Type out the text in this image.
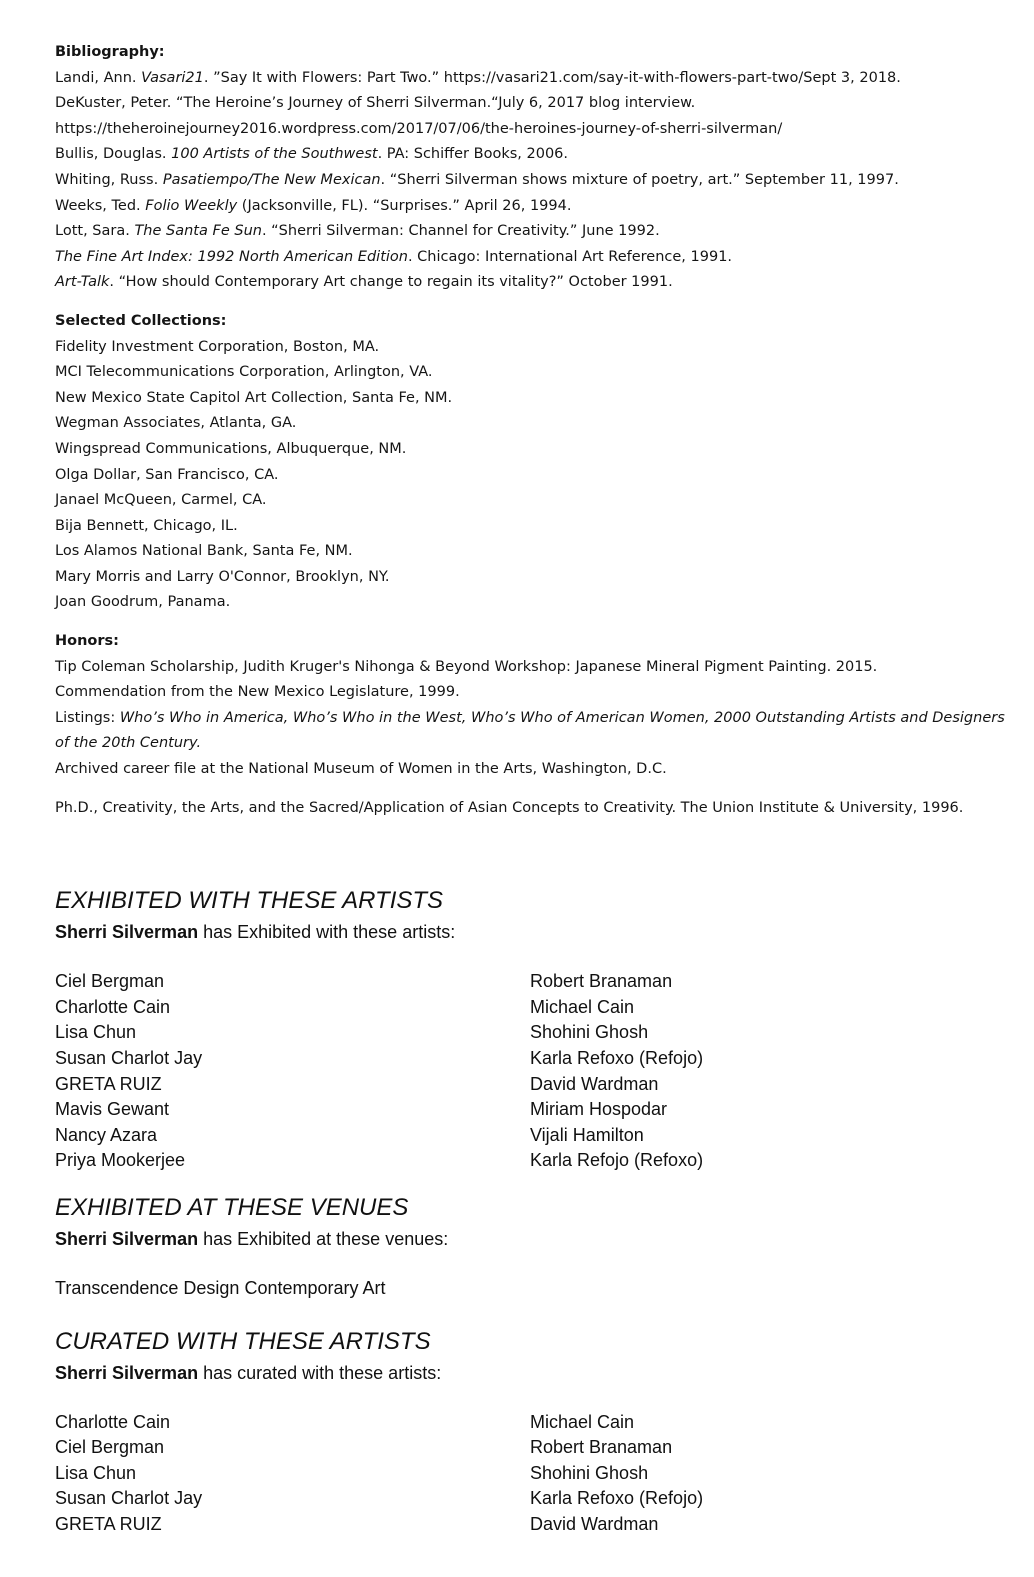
Bibliography:
Landi, Ann. Vasari21. ”Say It with Flowers: Part Two.” https://vasari21.com/say-it-with-flowers-part-two/Sept 3, 2018.
DeKuster, Peter. “The Heroine’s Journey of Sherri Silverman.“July 6, 2017 blog interview.
https://theheroinejourney2016.wordpress.com/2017/07/06/the-heroines-journey-of-sherri-silverman/
Bullis, Douglas. 100 Artists of the Southwest. PA: Schiffer Books, 2006.
Whiting, Russ. Pasatiempo/The New Mexican. “Sherri Silverman shows mixture of poetry, art.” September 11, 1997.
Weeks, Ted. Folio Weekly (Jacksonville, FL). “Surprises.” April 26, 1994.
Lott, Sara. The Santa Fe Sun. “Sherri Silverman: Channel for Creativity.” June 1992.
The Fine Art Index: 1992 North American Edition. Chicago: International Art Reference, 1991.
Art-Talk. “How should Contemporary Art change to regain its vitality?” October 1991.
Selected Collections:
Fidelity Investment Corporation, Boston, MA.
MCI Telecommunications Corporation, Arlington, VA.
New Mexico State Capitol Art Collection, Santa Fe, NM.
Wegman Associates, Atlanta, GA.
Wingspread Communications, Albuquerque, NM.
Olga Dollar, San Francisco, CA.
Janael McQueen, Carmel, CA.
Bija Bennett, Chicago, IL.
Los Alamos National Bank, Santa Fe, NM.
Mary Morris and Larry O'Connor, Brooklyn, NY.
Joan Goodrum, Panama.
Honors:
Tip Coleman Scholarship, Judith Kruger's Nihonga & Beyond Workshop: Japanese Mineral Pigment Painting. 2015.
Commendation from the New Mexico Legislature, 1999.
Listings: Who’s Who in America, Who’s Who in the West, Who’s Who of American Women, 2000 Outstanding Artists and Designers of the 20th Century.
Archived career file at the National Museum of Women in the Arts, Washington, D.C.
Ph.D., Creativity, the Arts, and the Sacred/Application of Asian Concepts to Creativity. The Union Institute & University, 1996.
EXHIBITED WITH THESE ARTISTS
Sherri Silverman has Exhibited with these artists:
Ciel Bergman
Charlotte Cain
Lisa Chun
Susan Charlot Jay
GRETA RUIZ
Mavis Gewant
Nancy Azara
Priya Mookerjee
Robert Branaman
Michael Cain
Shohini Ghosh
Karla Refoxo (Refojo)
David Wardman
Miriam Hospodar
Vijali Hamilton
Karla Refojo (Refoxo)
EXHIBITED AT THESE VENUES
Sherri Silverman has Exhibited at these venues:
Transcendence Design Contemporary Art
CURATED WITH THESE ARTISTS
Sherri Silverman has curated with these artists:
Charlotte Cain
Ciel Bergman
Lisa Chun
Susan Charlot Jay
GRETA RUIZ
Michael Cain
Robert Branaman
Shohini Ghosh
Karla Refoxo (Refojo)
David Wardman
